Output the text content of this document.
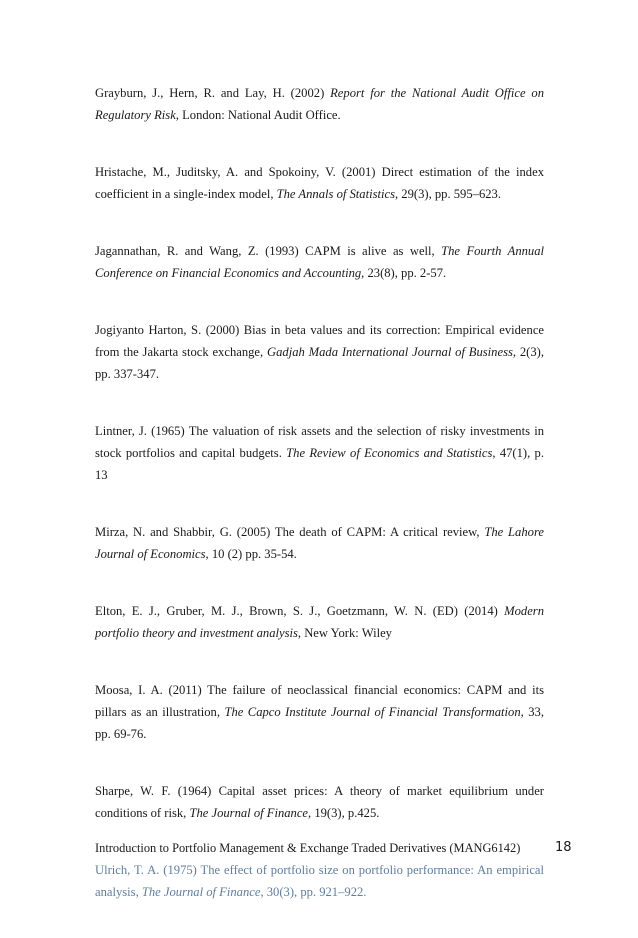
Grayburn, J., Hern, R. and Lay, H. (2002) Report for the National Audit Office on Regulatory Risk, London: National Audit Office.

Hristache, M., Juditsky, A. and Spokoiny, V. (2001) Direct estimation of the index coefficient in a single-index model, The Annals of Statistics, 29(3), pp. 595–623.

Jagannathan, R. and Wang, Z. (1993) CAPM is alive as well, The Fourth Annual Conference on Financial Economics and Accounting, 23(8), pp. 2-57.

Jogiyanto Harton, S. (2000) Bias in beta values and its correction: Empirical evidence from the Jakarta stock exchange, Gadjah Mada International Journal of Business, 2(3), pp. 337-347.

Lintner, J. (1965) The valuation of risk assets and the selection of risky investments in stock portfolios and capital budgets. The Review of Economics and Statistics, 47(1), p. 13

Mirza, N. and Shabbir, G. (2005) The death of CAPM: A critical review, The Lahore Journal of Economics, 10 (2) pp. 35-54.

Elton, E. J., Gruber, M. J., Brown, S. J., Goetzmann, W. N. (ED) (2014) Modern portfolio theory and investment analysis, New York: Wiley

Moosa, I. A. (2011) The failure of neoclassical financial economics: CAPM and its pillars as an illustration, The Capco Institute Journal of Financial Transformation, 33, pp. 69-76.

Sharpe, W. F. (1964) Capital asset prices: A theory of market equilibrium under conditions of risk, The Journal of Finance, 19(3), p.425.

Ulrich, T. A. (1975) The effect of portfolio size on portfolio performance: An empirical analysis, The Journal of Finance, 30(3), pp. 921–922.

Introduction to Portfolio Management & Exchange Traded Derivatives (MANG6142)	18
